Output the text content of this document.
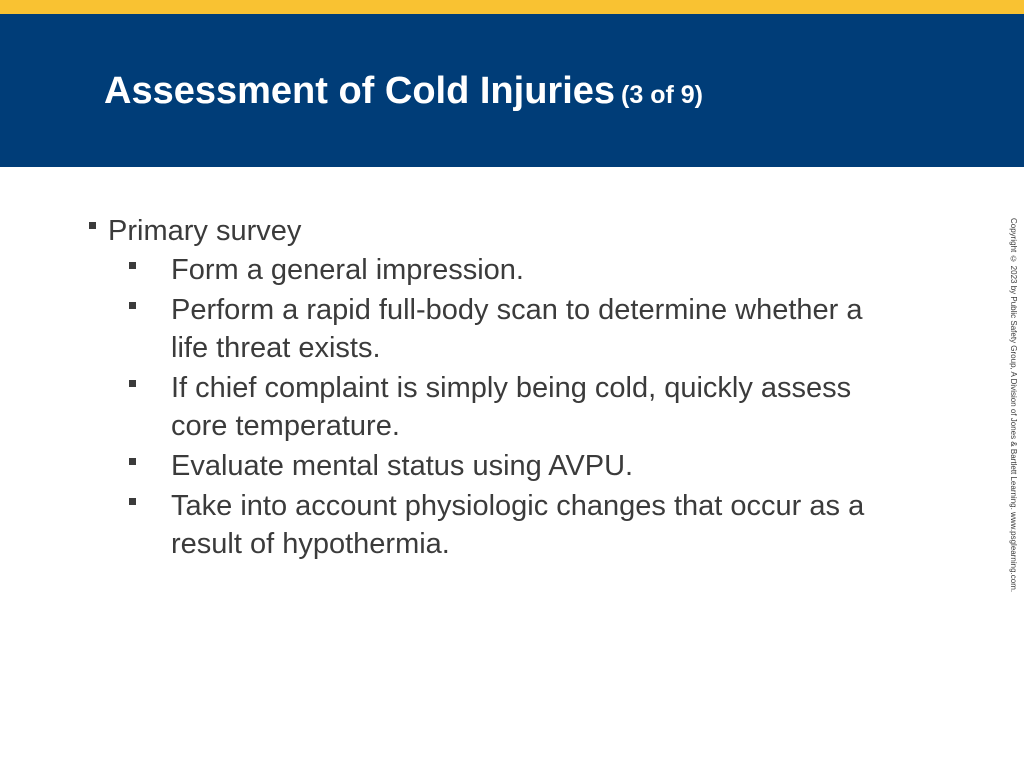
Assessment of Cold Injuries (3 of 9)
Primary survey
Form a general impression.
Perform a rapid full-body scan to determine whether a life threat exists.
If chief complaint is simply being cold, quickly assess core temperature.
Evaluate mental status using AVPU.
Take into account physiologic changes that occur as a result of hypothermia.	Copyright © 2023 by Public Safety Group, A Division of Jones & Bartlett Learning. www.psglearning.com.
